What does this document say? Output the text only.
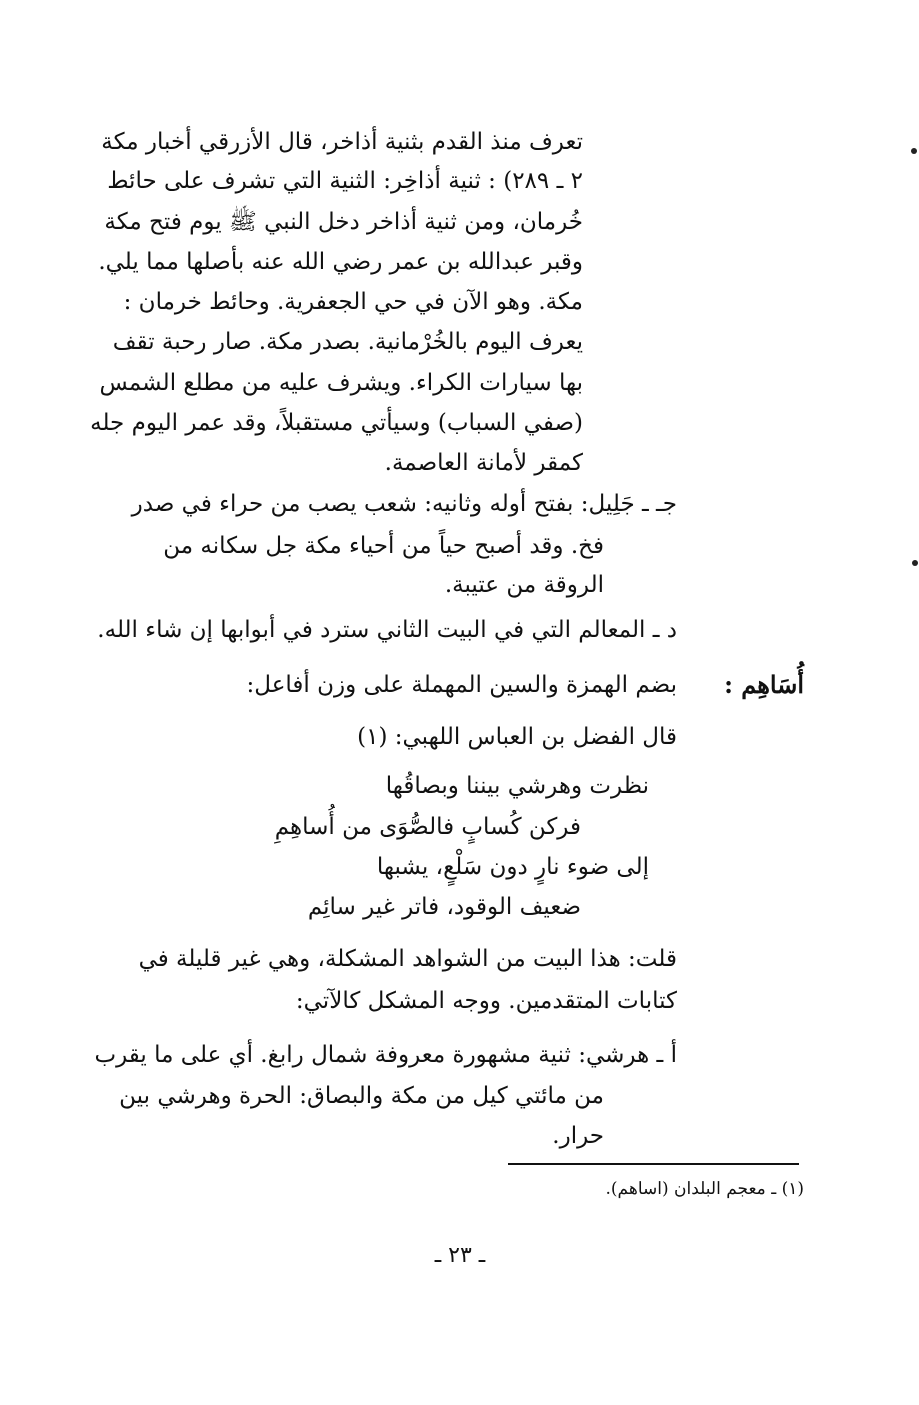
تعرف منذ القدم بثنية أذاخر، قال الأزرقي أخبار مكة
٢ ـ ٢٨٩) : ثنية أذاخِر: الثنية التي تشرف على حائط
خُرمان، ومن ثنية أذاخر دخل النبي ﷺ يوم فتح مكة
وقبر عبدالله بن عمر رضي الله عنه بأصلها مما يلي.
مكة. وهو الآن في حي الجعفرية. وحائط خرمان :
يعرف اليوم بالخُرْمانية. بصدر مكة. صار رحبة تقف
بها سيارات الكراء. ويشرف عليه من مطلع الشمس
(صفي السباب) وسيأتي مستقبلاً، وقد عمر اليوم جله
كمقر لأمانة العاصمة.
جـ ـ جَلِيل: بفتح أوله وثانيه: شعب يصب من حراء في صدر
فخ. وقد أصبح حياً من أحياء مكة جل سكانه من
الروقة من عتيبة.
د ـ المعالم التي في البيت الثاني سترد في أبوابها إن شاء الله.
أُسَاهِم :
بضم الهمزة والسين المهملة على وزن أفاعل:
قال الفضل بن العباس اللهبي: (١)
نظرت وهرشي بيننا وبصاقُها
فركن كُسابٍ فالصُّوَى من أُساهِمِ
إلى ضوء نارٍ دون سَلْعٍ، يشبها
ضعيف الوقود، فاتر غير سائِم
قلت: هذا البيت من الشواهد المشكلة، وهي غير قليلة في
كتابات المتقدمين. ووجه المشكل كالآتي:
أ ـ هرشي: ثنية مشهورة معروفة شمال رابغ. أي على ما يقرب
من مائتي كيل من مكة والبصاق: الحرة وهرشي بين
حرار.
(١) ـ معجم البلدان (اساهم).
ـ ٢٣ ـ
